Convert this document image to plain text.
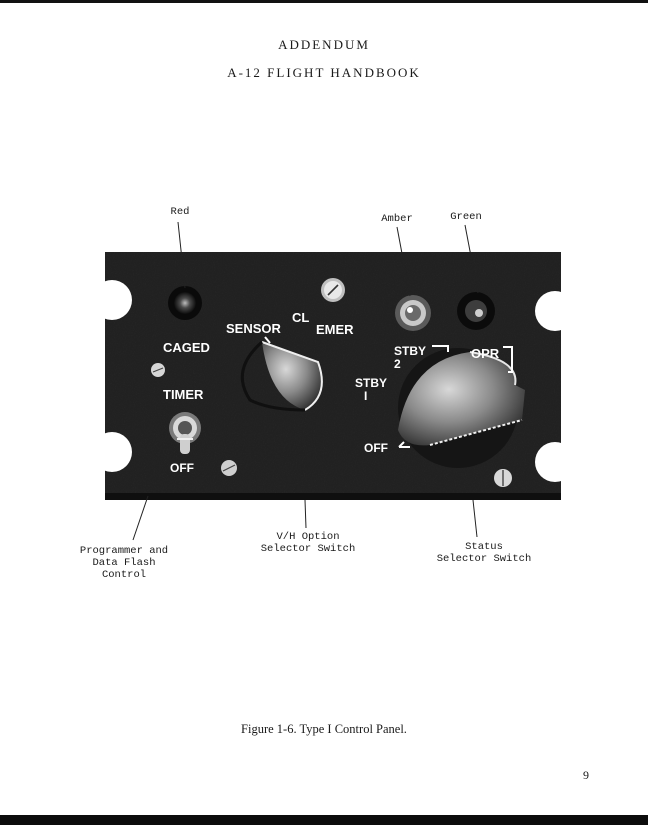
ADDENDUM
A-12 FLIGHT HANDBOOK
CAGED
TIMER
OFF
SENSOR
CL
EMER
STBY
2
STBY
I
OPR
OFF
Red
Amber	Green
Programmer and
Data Flash
Control
V/H Option
Selector Switch	Status
Selector Switch
Figure 1-6. Type I Control Panel.
9
